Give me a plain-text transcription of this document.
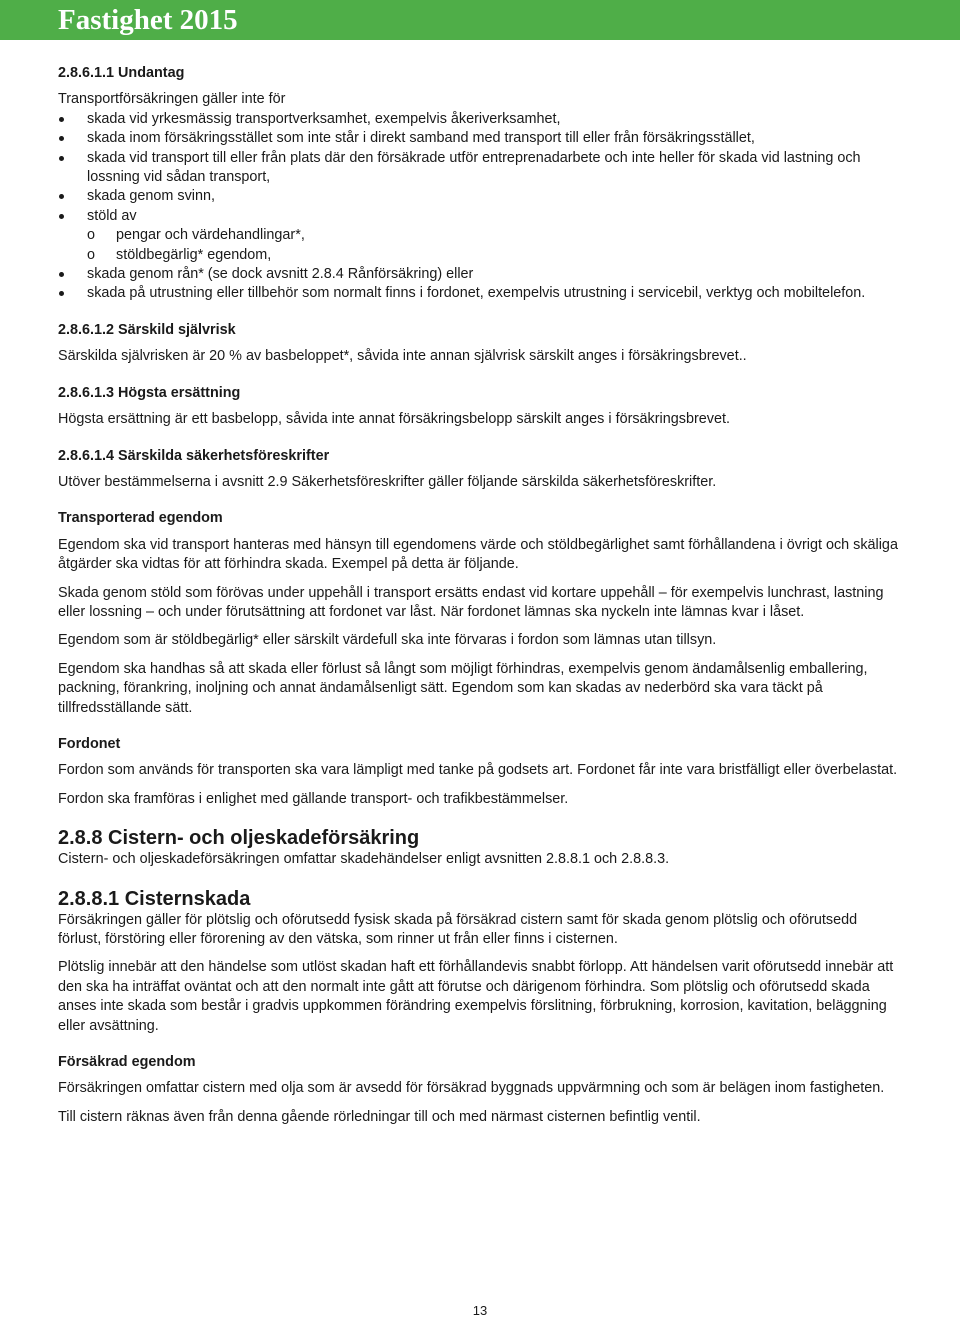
Fastighet 2015

2.8.6.1.1 Undantag

Transportförsäkringen gäller inte för

skada vid yrkesmässig transportverksamhet, exempelvis åkeriverksamhet,
skada inom försäkringsstället som inte står i direkt samband med transport till eller från försäkringsstället,
skada vid transport till eller från plats där den försäkrade utför entreprenadarbete och inte heller för skada vid lastning och lossning vid sådan transport,
skada genom svinn,
stöld av
o pengar och värdehandlingar*,
o stöldbegärlig* egendom,
skada genom rån* (se dock avsnitt 2.8.4 Rånförsäkring) eller
skada på utrustning eller tillbehör som normalt finns i fordonet, exempelvis utrustning i servicebil, verktyg och mobiltelefon.

2.8.6.1.2 Särskild självrisk

Särskilda självrisken är 20 % av basbeloppet*, såvida inte annan självrisk särskilt anges i försäkringsbrevet..

2.8.6.1.3 Högsta ersättning

Högsta ersättning är ett basbelopp, såvida inte annat försäkringsbelopp särskilt anges i försäkringsbrevet.

2.8.6.1.4 Särskilda säkerhetsföreskrifter

Utöver bestämmelserna i avsnitt 2.9 Säkerhetsföreskrifter gäller följande särskilda säkerhetsföreskrifter.

Transporterad egendom

Egendom ska vid transport hanteras med hänsyn till egendomens värde och stöldbegärlighet samt förhållandena i övrigt och skäliga åtgärder ska vidtas för att förhindra skada. Exempel på detta är följande.

Skada genom stöld som förövas under uppehåll i transport ersätts endast vid kortare uppehåll – för exempelvis lunchrast, lastning eller lossning – och under förutsättning att fordonet var låst. När fordonet lämnas ska nyckeln inte lämnas kvar i låset.

Egendom som är stöldbegärlig* eller särskilt värdefull ska inte förvaras i fordon som lämnas utan tillsyn.

Egendom ska handhas så att skada eller förlust så långt som möjligt förhindras, exempelvis genom ändamålsenlig emballering, packning, förankring, inoljning och annat ändamålsenligt sätt. Egendom som kan skadas av nederbörd ska vara täckt på tillfredsställande sätt.

Fordonet

Fordon som används för transporten ska vara lämpligt med tanke på godsets art. Fordonet får inte vara bristfälligt eller överbelastat.

Fordon ska framföras i enlighet med gällande transport- och trafikbestämmelser.

2.8.8 Cistern- och oljeskadeförsäkring

Cistern- och oljeskadeförsäkringen omfattar skadehändelser enligt avsnitten 2.8.8.1 och 2.8.8.3.

2.8.8.1 Cisternskada

Försäkringen gäller för plötslig och oförutsedd fysisk skada på försäkrad cistern samt för skada genom plötslig och oförutsedd förlust, förstöring eller förorening av den vätska, som rinner ut från eller finns i cisternen.

Plötslig innebär att den händelse som utlöst skadan haft ett förhållandevis snabbt förlopp. Att händelsen varit oförutsedd innebär att den ska ha inträffat oväntat och att den normalt inte gått att förutse och därigenom förhindra. Som plötslig och oförutsedd skada anses inte skada som består i gradvis uppkommen förändring exempelvis förslitning, förbrukning, korrosion, kavitation, beläggning eller avsättning.

Försäkrad egendom

Försäkringen omfattar cistern med olja som är avsedd för försäkrad byggnads uppvärmning och som är belägen inom fastigheten.

Till cistern räknas även från denna gående rörledningar till och med närmast cisternen befintlig ventil.

13
